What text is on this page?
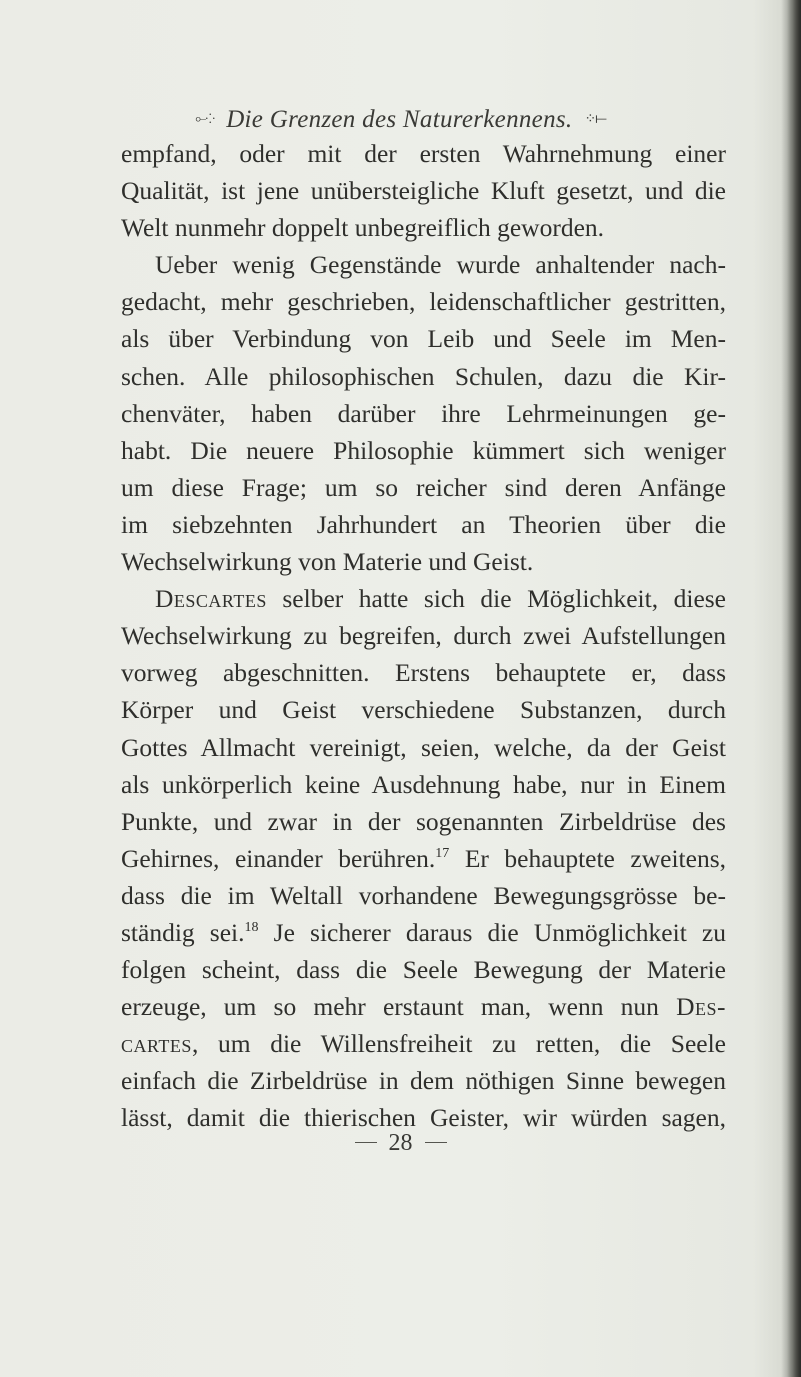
⟜⁘ Die Grenzen des Naturerkennens. ⁘⟝
empfand, oder mit der ersten Wahrnehmung einer
Qualität, ist jene unübersteigliche Kluft gesetzt, und die
Welt nunmehr doppelt unbegreiflich geworden.
Ueber wenig Gegenstände wurde anhaltender nach-
gedacht, mehr geschrieben, leidenschaftlicher gestritten,
als über Verbindung von Leib und Seele im Men-
schen. Alle philosophischen Schulen, dazu die Kir-
chenväter, haben darüber ihre Lehrmeinungen ge-
habt. Die neuere Philosophie kümmert sich weniger
um diese Frage; um so reicher sind deren Anfänge
im siebzehnten Jahrhundert an Theorien über die
Wechselwirkung von Materie und Geist.
Descartes selber hatte sich die Möglichkeit, diese
Wechselwirkung zu begreifen, durch zwei Aufstellungen
vorweg abgeschnitten. Erstens behauptete er, dass
Körper und Geist verschiedene Substanzen, durch
Gottes Allmacht vereinigt, seien, welche, da der Geist
als unkörperlich keine Ausdehnung habe, nur in Einem
Punkte, und zwar in der sogenannten Zirbeldrüse des
Gehirnes, einander berühren.$^{17}$ Er behauptete zweitens,
dass die im Weltall vorhandene Bewegungsgrösse be-
ständig sei.$^{18}$ Je sicherer daraus die Unmöglichkeit zu
folgen scheint, dass die Seele Bewegung der Materie
erzeuge, um so mehr erstaunt man, wenn nun Des-
cartes, um die Willensfreiheit zu retten, die Seele
einfach die Zirbeldrüse in dem nöthigen Sinne bewegen
lässt, damit die thierischen Geister, wir würden sagen,
28
